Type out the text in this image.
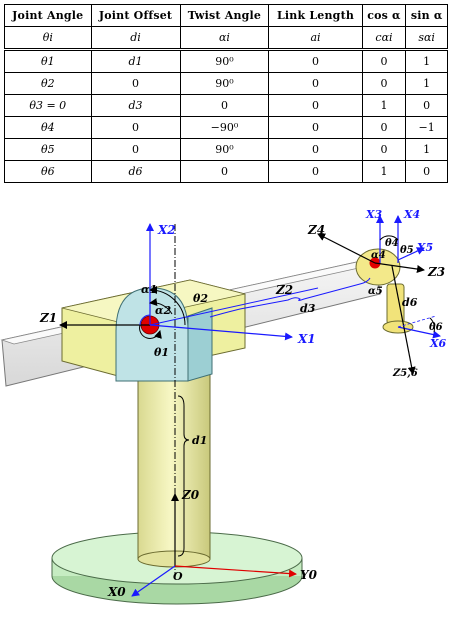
Joint Angle	Joint Offset	Twist Angle	Link Length	cos α	sin α
θi	di	αi	ai	cαi	sαi
θ1	d1	90⁰	0	0	1
θ2	0	90⁰	0	0	1
θ3 = 0	d3	0	0	1	0
θ4	0	−90⁰	0	0	−1
θ5	0	90⁰	0	0	1
θ6	d6	0	0	1	0
Z0
O	Y0
X0
d1
Z1
X2
X1
Z2
α1
α2
θ2
θ1
d3
Z4
Z3
X3 X4
X5
X6
Z5,6
θ6
d6
α4
α5
θ4
θ5
